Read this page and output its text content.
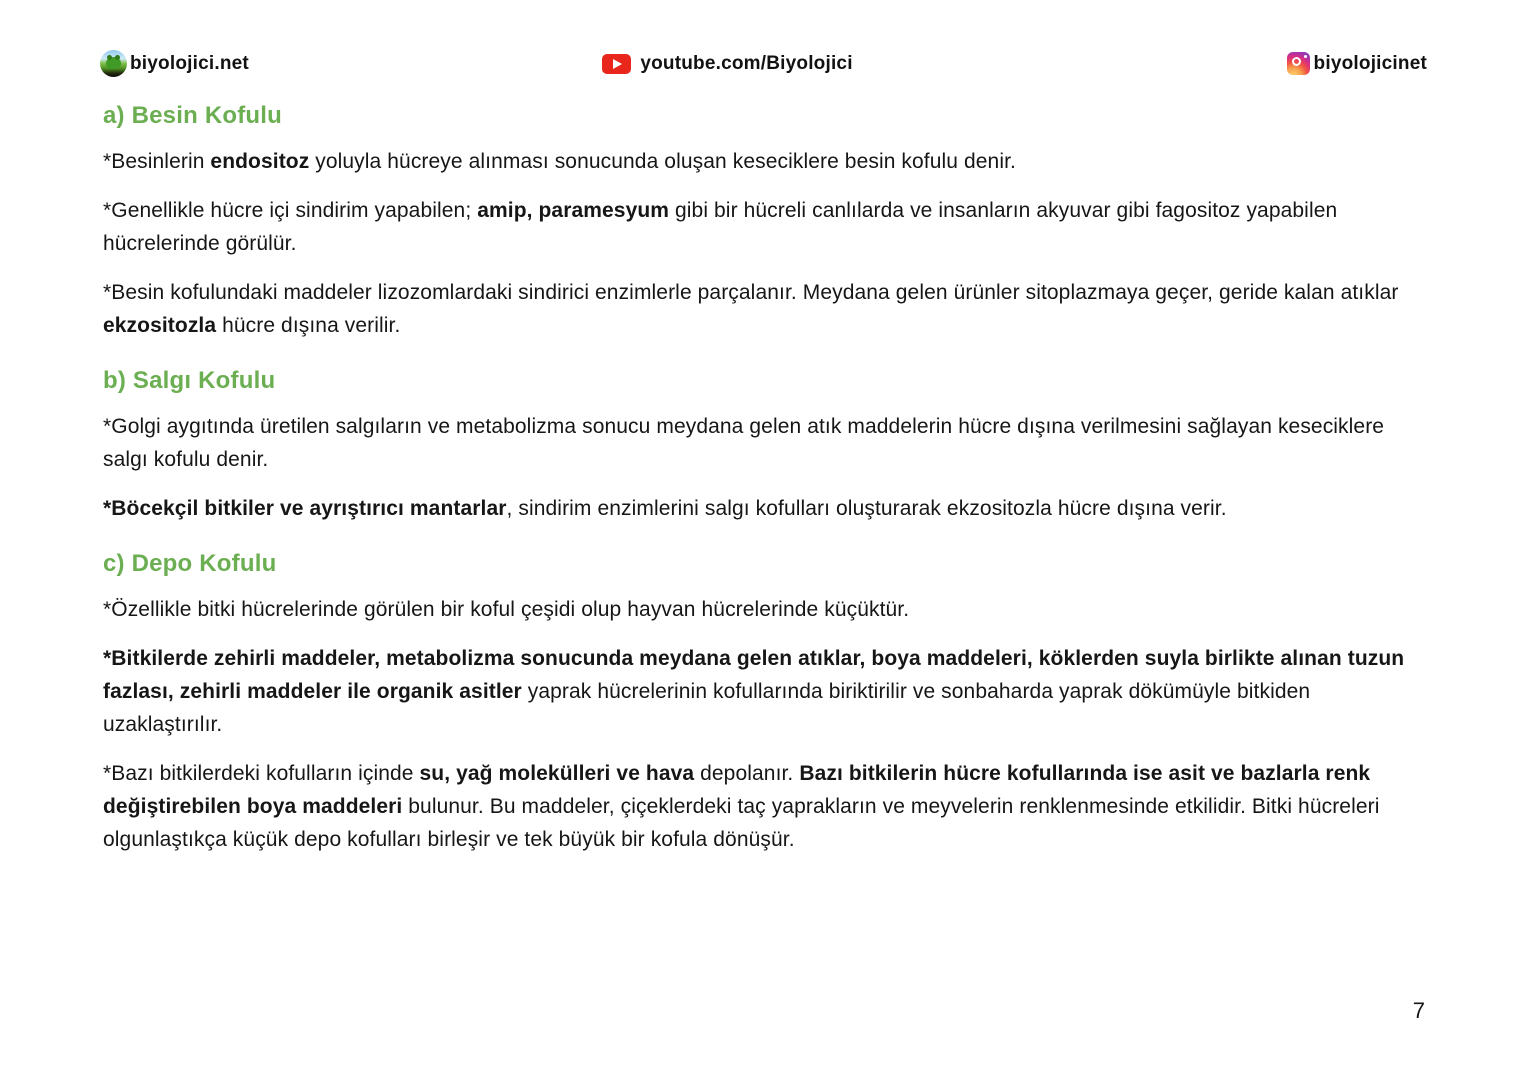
biyolojici.net	youtube.com/Biyolojici	biyolojicinet
a) Besin Kofulu

*Besinlerin endositoz yoluyla hücreye alınması sonucunda oluşan keseciklere besin kofulu denir.

*Genellikle hücre içi sindirim yapabilen; amip, paramesyum gibi bir hücreli canlılarda ve insanların akyuvar gibi fagositoz yapabilen hücrelerinde görülür.

*Besin kofulundaki maddeler lizozomlardaki sindirici enzimlerle parçalanır. Meydana gelen ürünler sitoplazmaya geçer, geride kalan atıklar ekzositozla hücre dışına verilir.

b) Salgı Kofulu

*Golgi aygıtında üretilen salgıların ve metabolizma sonucu meydana gelen atık maddelerin hücre dışına verilmesini sağlayan keseciklere salgı kofulu denir.

*Böcekçil bitkiler ve ayrıştırıcı mantarlar, sindirim enzimlerini salgı kofulları oluşturarak ekzositozla hücre dışına verir.

c) Depo Kofulu

*Özellikle bitki hücrelerinde görülen bir koful çeşidi olup hayvan hücrelerinde küçüktür.

*Bitkilerde zehirli maddeler, metabolizma sonucunda meydana gelen atıklar, boya maddeleri, köklerden suyla birlikte alınan tuzun fazlası, zehirli maddeler ile organik asitler yaprak hücrelerinin kofullarında biriktirilir ve sonbaharda yaprak dökümüyle bitkiden uzaklaştırılır.

*Bazı bitkilerdeki kofulların içinde su, yağ molekülleri ve hava depolanır. Bazı bitkilerin hücre kofullarında ise asit ve bazlarla renk değiştirebilen boya maddeleri bulunur. Bu maddeler, çiçeklerdeki taç yaprakların ve meyvelerin renklenmesinde etkilidir. Bitki hücreleri olgunlaştıkça küçük depo kofulları birleşir ve tek büyük bir kofula dönüşür.

7
